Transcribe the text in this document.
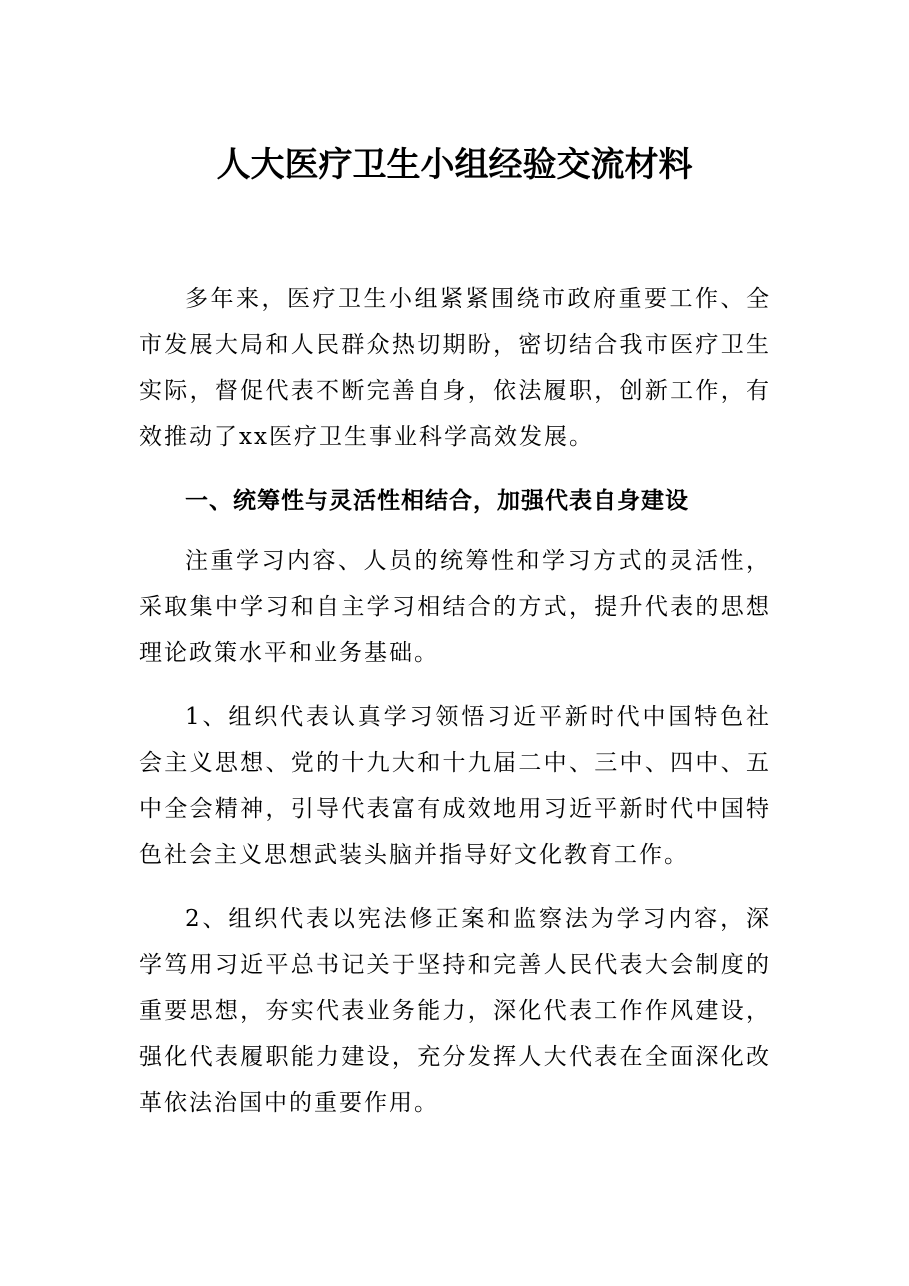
人大医疗卫生小组经验交流材料

多年来，医疗卫生小组紧紧围绕市政府重要工作、全市发展大局和人民群众热切期盼，密切结合我市医疗卫生实际，督促代表不断完善自身，依法履职，创新工作，有效推动了xx医疗卫生事业科学高效发展。

一、统筹性与灵活性相结合，加强代表自身建设

注重学习内容、人员的统筹性和学习方式的灵活性，采取集中学习和自主学习相结合的方式，提升代表的思想理论政策水平和业务基础。

1、组织代表认真学习领悟习近平新时代中国特色社会主义思想、党的十九大和十九届二中、三中、四中、五中全会精神，引导代表富有成效地用习近平新时代中国特色社会主义思想武装头脑并指导好文化教育工作。

2、组织代表以宪法修正案和监察法为学习内容，深学笃用习近平总书记关于坚持和完善人民代表大会制度的重要思想，夯实代表业务能力，深化代表工作作风建设，强化代表履职能力建设，充分发挥人大代表在全面深化改革依法治国中的重要作用。
